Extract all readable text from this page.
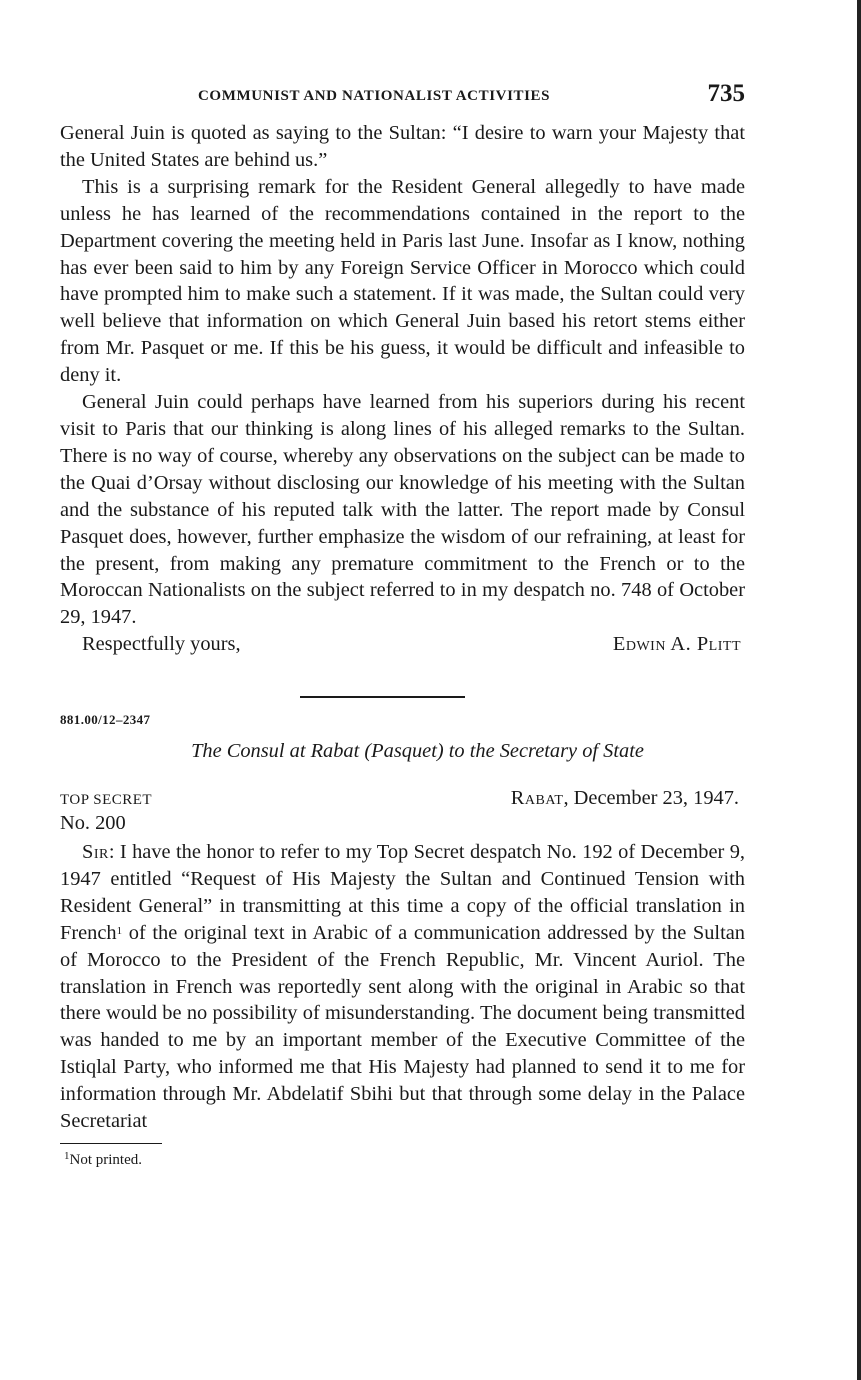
COMMUNIST AND NATIONALIST ACTIVITIES	735

General Juin is quoted as saying to the Sultan: “I desire to warn your Majesty that the United States are behind us.”

This is a surprising remark for the Resident General allegedly to have made unless he has learned of the recommendations contained in the report to the Department covering the meeting held in Paris last June. Insofar as I know, nothing has ever been said to him by any Foreign Service Officer in Morocco which could have prompted him to make such a statement. If it was made, the Sultan could very well believe that information on which General Juin based his retort stems either from Mr. Pasquet or me. If this be his guess, it would be difficult and infeasible to deny it.

General Juin could perhaps have learned from his superiors during his recent visit to Paris that our thinking is along lines of his alleged remarks to the Sultan. There is no way of course, whereby any observations on the subject can be made to the Quai d’Orsay without disclosing our knowledge of his meeting with the Sultan and the substance of his reputed talk with the latter. The report made by Consul Pasquet does, however, further emphasize the wisdom of our refraining, at least for the present, from making any premature commitment to the French or to the Moroccan Nationalists on the subject referred to in my despatch no. 748 of October 29, 1947.

Respectfully yours,	Edwin A. Plitt
881.00/12–2347
The Consul at Rabat (Pasquet) to the Secretary of State
TOP SECRET	Rabat, December 23, 1947.
No. 200

Sir: I have the honor to refer to my Top Secret despatch No. 192 of December 9, 1947 entitled “Request of His Majesty the Sultan and Continued Tension with Resident General” in transmitting at this time a copy of the official translation in French$^1$ of the original text in Arabic of a communication addressed by the Sultan of Morocco to the President of the French Republic, Mr. Vincent Auriol. The translation in French was reportedly sent along with the original in Arabic so that there would be no possibility of misunderstanding. The document being transmitted was handed to me by an important member of the Executive Committee of the Istiqlal Party, who informed me that His Majesty had planned to send it to me for information through Mr. Abdelatif Sbihi but that through some delay in the Palace Secretariat

$^1$Not printed.
